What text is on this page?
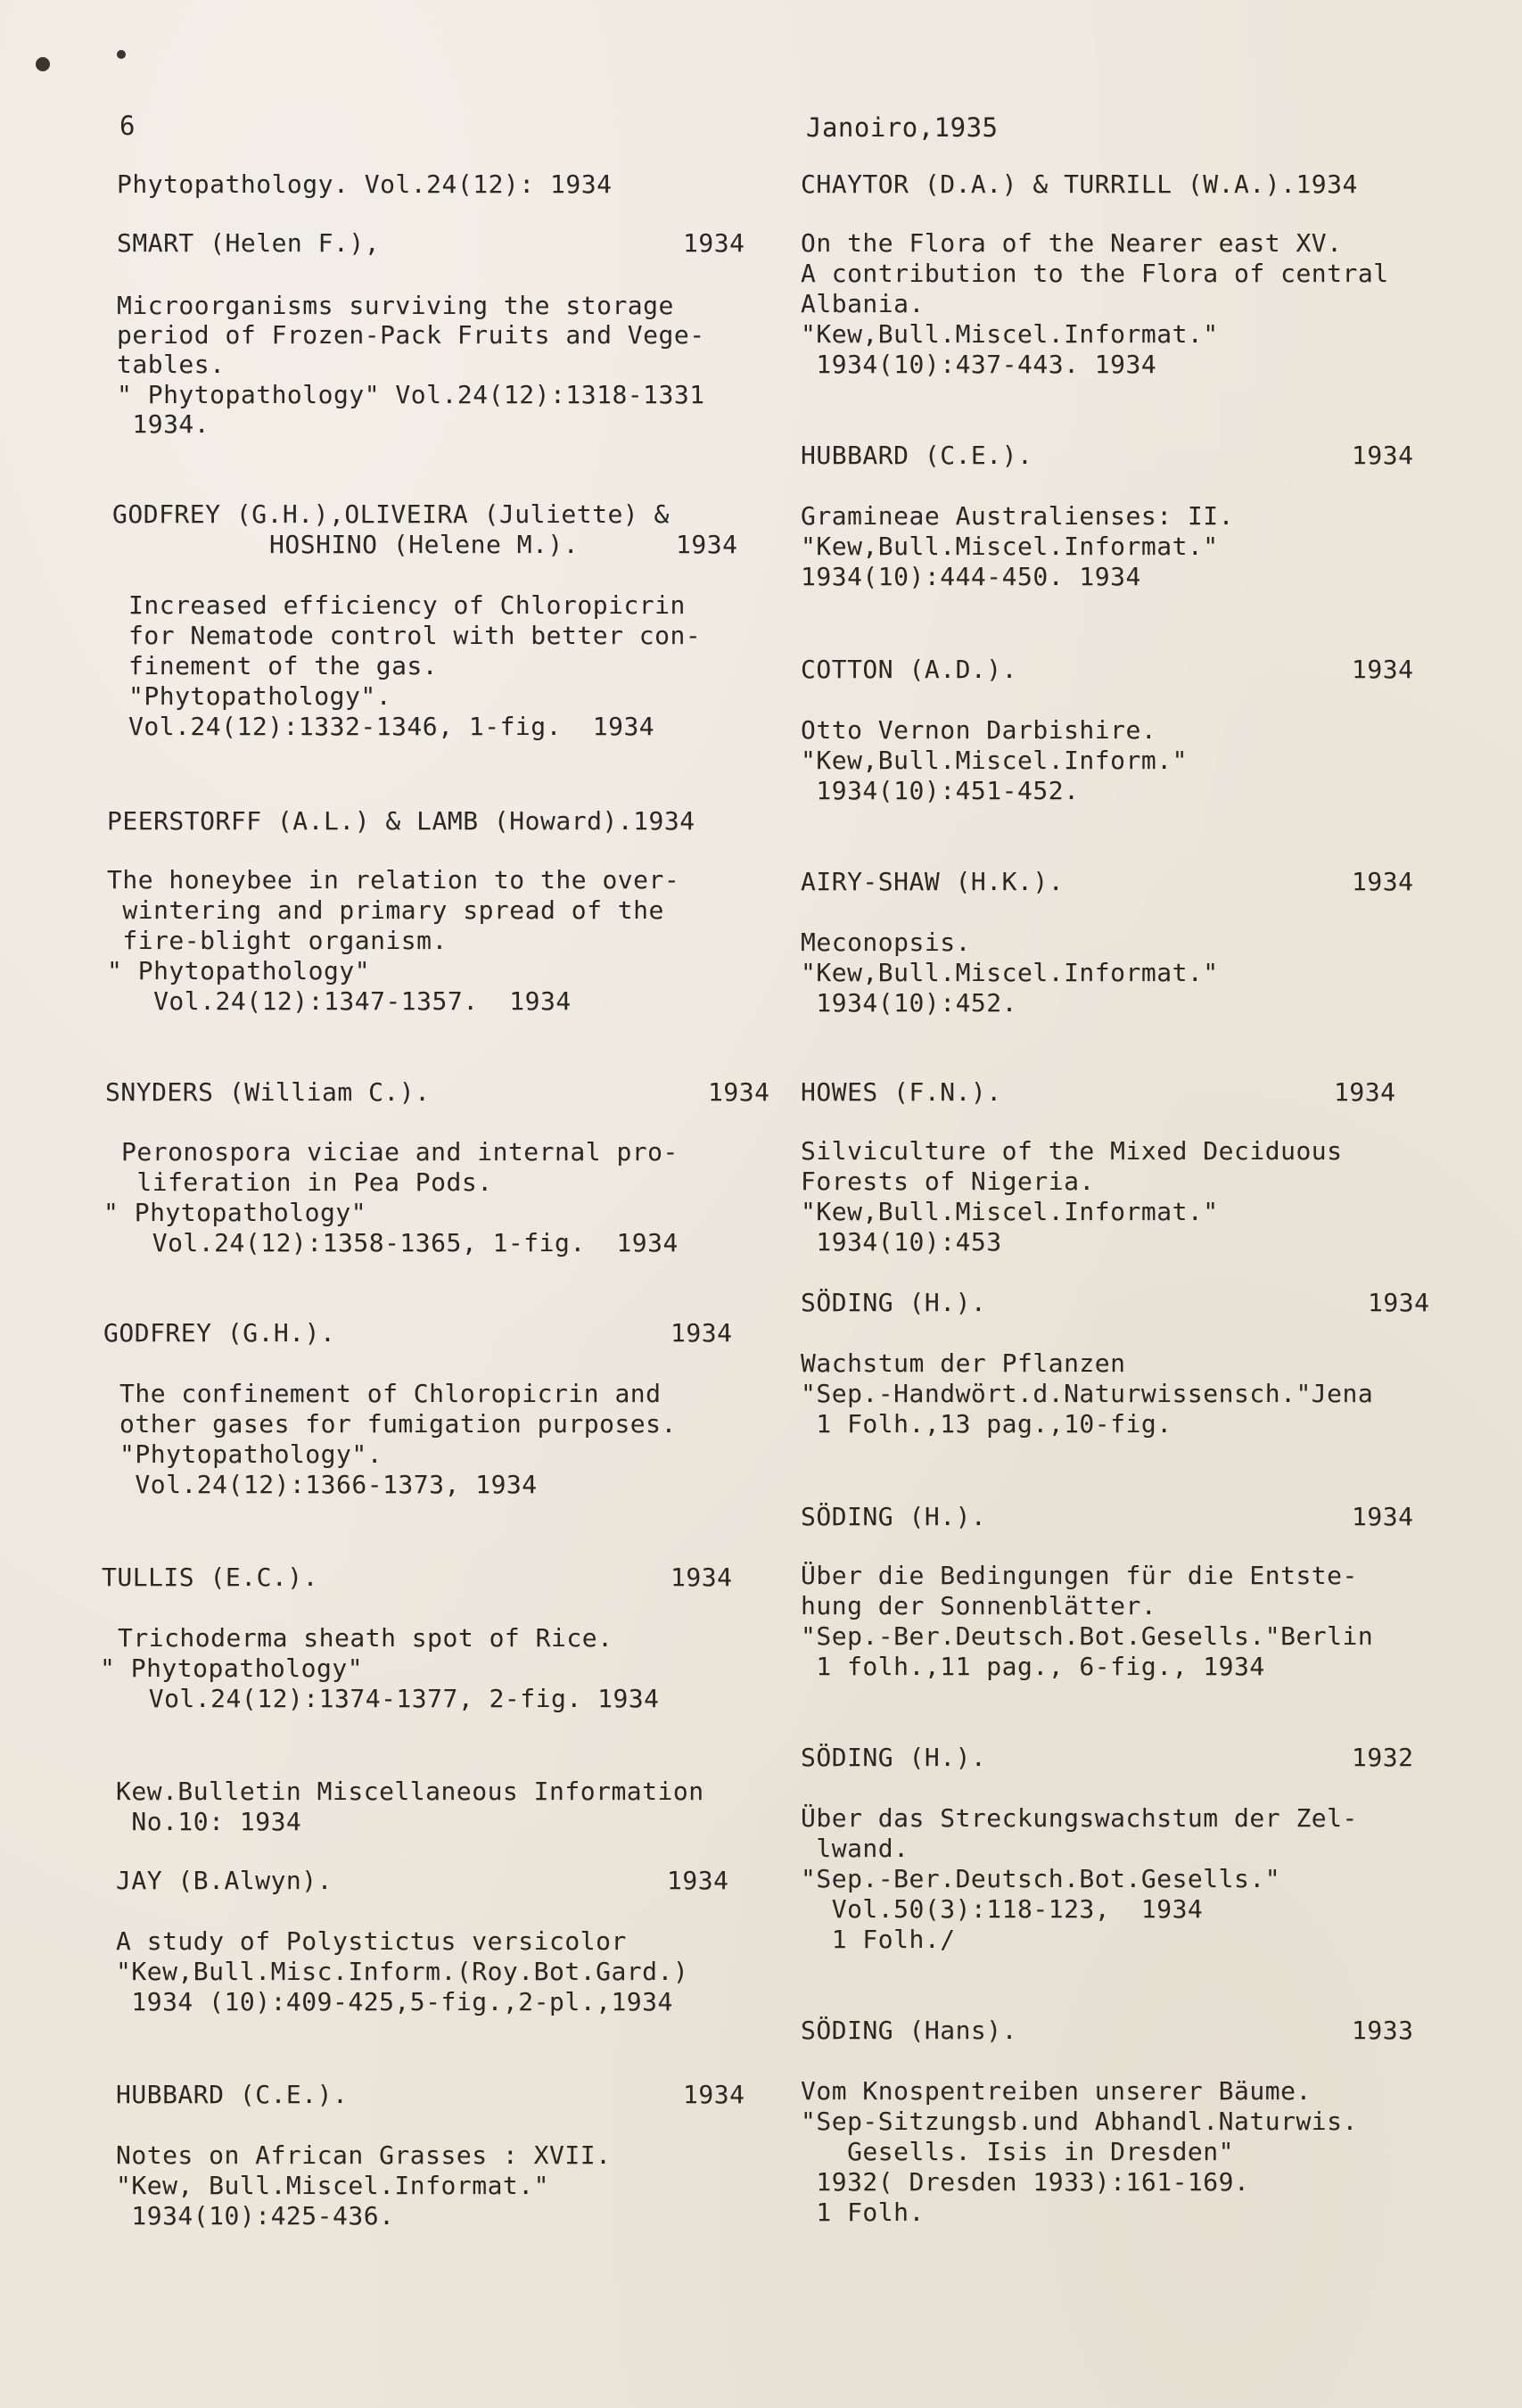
6	Janoiro,1935
Phytopathology. Vol.24(12): 1934
SMART (Helen F.),	1934
Microorganisms surviving the storage
period of Frozen-Pack Fruits and Vege-
tables.
" Phytopathology" Vol.24(12):1318-1331
1934.
GODFREY (G.H.),OLIVEIRA (Juliette) &
HOSHINO (Helene M.).	1934
Increased efficiency of Chloropicrin
for Nematode control with better con-
finement of the gas.
"Phytopathology".
Vol.24(12):1332-1346, 1-fig.  1934
PEERSTORFF (A.L.) & LAMB (Howard).1934
The honeybee in relation to the over-
wintering and primary spread of the
fire-blight organism.
" Phytopathology"
Vol.24(12):1347-1357.  1934
SNYDERS (William C.).	1934
Peronospora viciae and internal pro-
liferation in Pea Pods.
" Phytopathology"
Vol.24(12):1358-1365, 1-fig.  1934
GODFREY (G.H.).	1934
The confinement of Chloropicrin and
other gases for fumigation purposes.
"Phytopathology".
Vol.24(12):1366-1373, 1934
TULLIS (E.C.).	1934
Trichoderma sheath spot of Rice.
" Phytopathology"
Vol.24(12):1374-1377, 2-fig. 1934
Kew.Bulletin Miscellaneous Information
No.10: 1934
JAY (B.Alwyn).	1934
A study of Polystictus versicolor
"Kew,Bull.Misc.Inform.(Roy.Bot.Gard.)
1934 (10):409-425,5-fig.,2-pl.,1934
HUBBARD (C.E.).	1934
Notes on African Grasses : XVII.
"Kew, Bull.Miscel.Informat."
1934(10):425-436.
CHAYTOR (D.A.) & TURRILL (W.A.).1934
On the Flora of the Nearer east XV.
A contribution to the Flora of central
Albania.
"Kew,Bull.Miscel.Informat."
1934(10):437-443. 1934
HUBBARD (C.E.).	1934
Gramineae Australienses: II.
"Kew,Bull.Miscel.Informat."
1934(10):444-450. 1934
COTTON (A.D.).	1934
Otto Vernon Darbishire.
"Kew,Bull.Miscel.Inform."
1934(10):451-452.
AIRY-SHAW (H.K.).	1934
Meconopsis.
"Kew,Bull.Miscel.Informat."
1934(10):452.
HOWES (F.N.).	1934
Silviculture of the Mixed Deciduous
Forests of Nigeria.
"Kew,Bull.Miscel.Informat."
1934(10):453
SÖDING (H.).	1934
Wachstum der Pflanzen
"Sep.-Handwört.d.Naturwissensch."Jena
1 Folh.,13 pag.,10-fig.
SÖDING (H.).	1934
Über die Bedingungen für die Entste-
hung der Sonnenblätter.
"Sep.-Ber.Deutsch.Bot.Gesells."Berlin
1 folh.,11 pag., 6-fig., 1934
SÖDING (H.).	1932
Über das Streckungswachstum der Zel-
lwand.
"Sep.-Ber.Deutsch.Bot.Gesells."
Vol.50(3):118-123,  1934
1 Folh./
SÖDING (Hans).	1933
Vom Knospentreiben unserer Bäume.
"Sep-Sitzungsb.und Abhandl.Naturwis.
Gesells. Isis in Dresden"
1932( Dresden 1933):161-169.
1 Folh.
